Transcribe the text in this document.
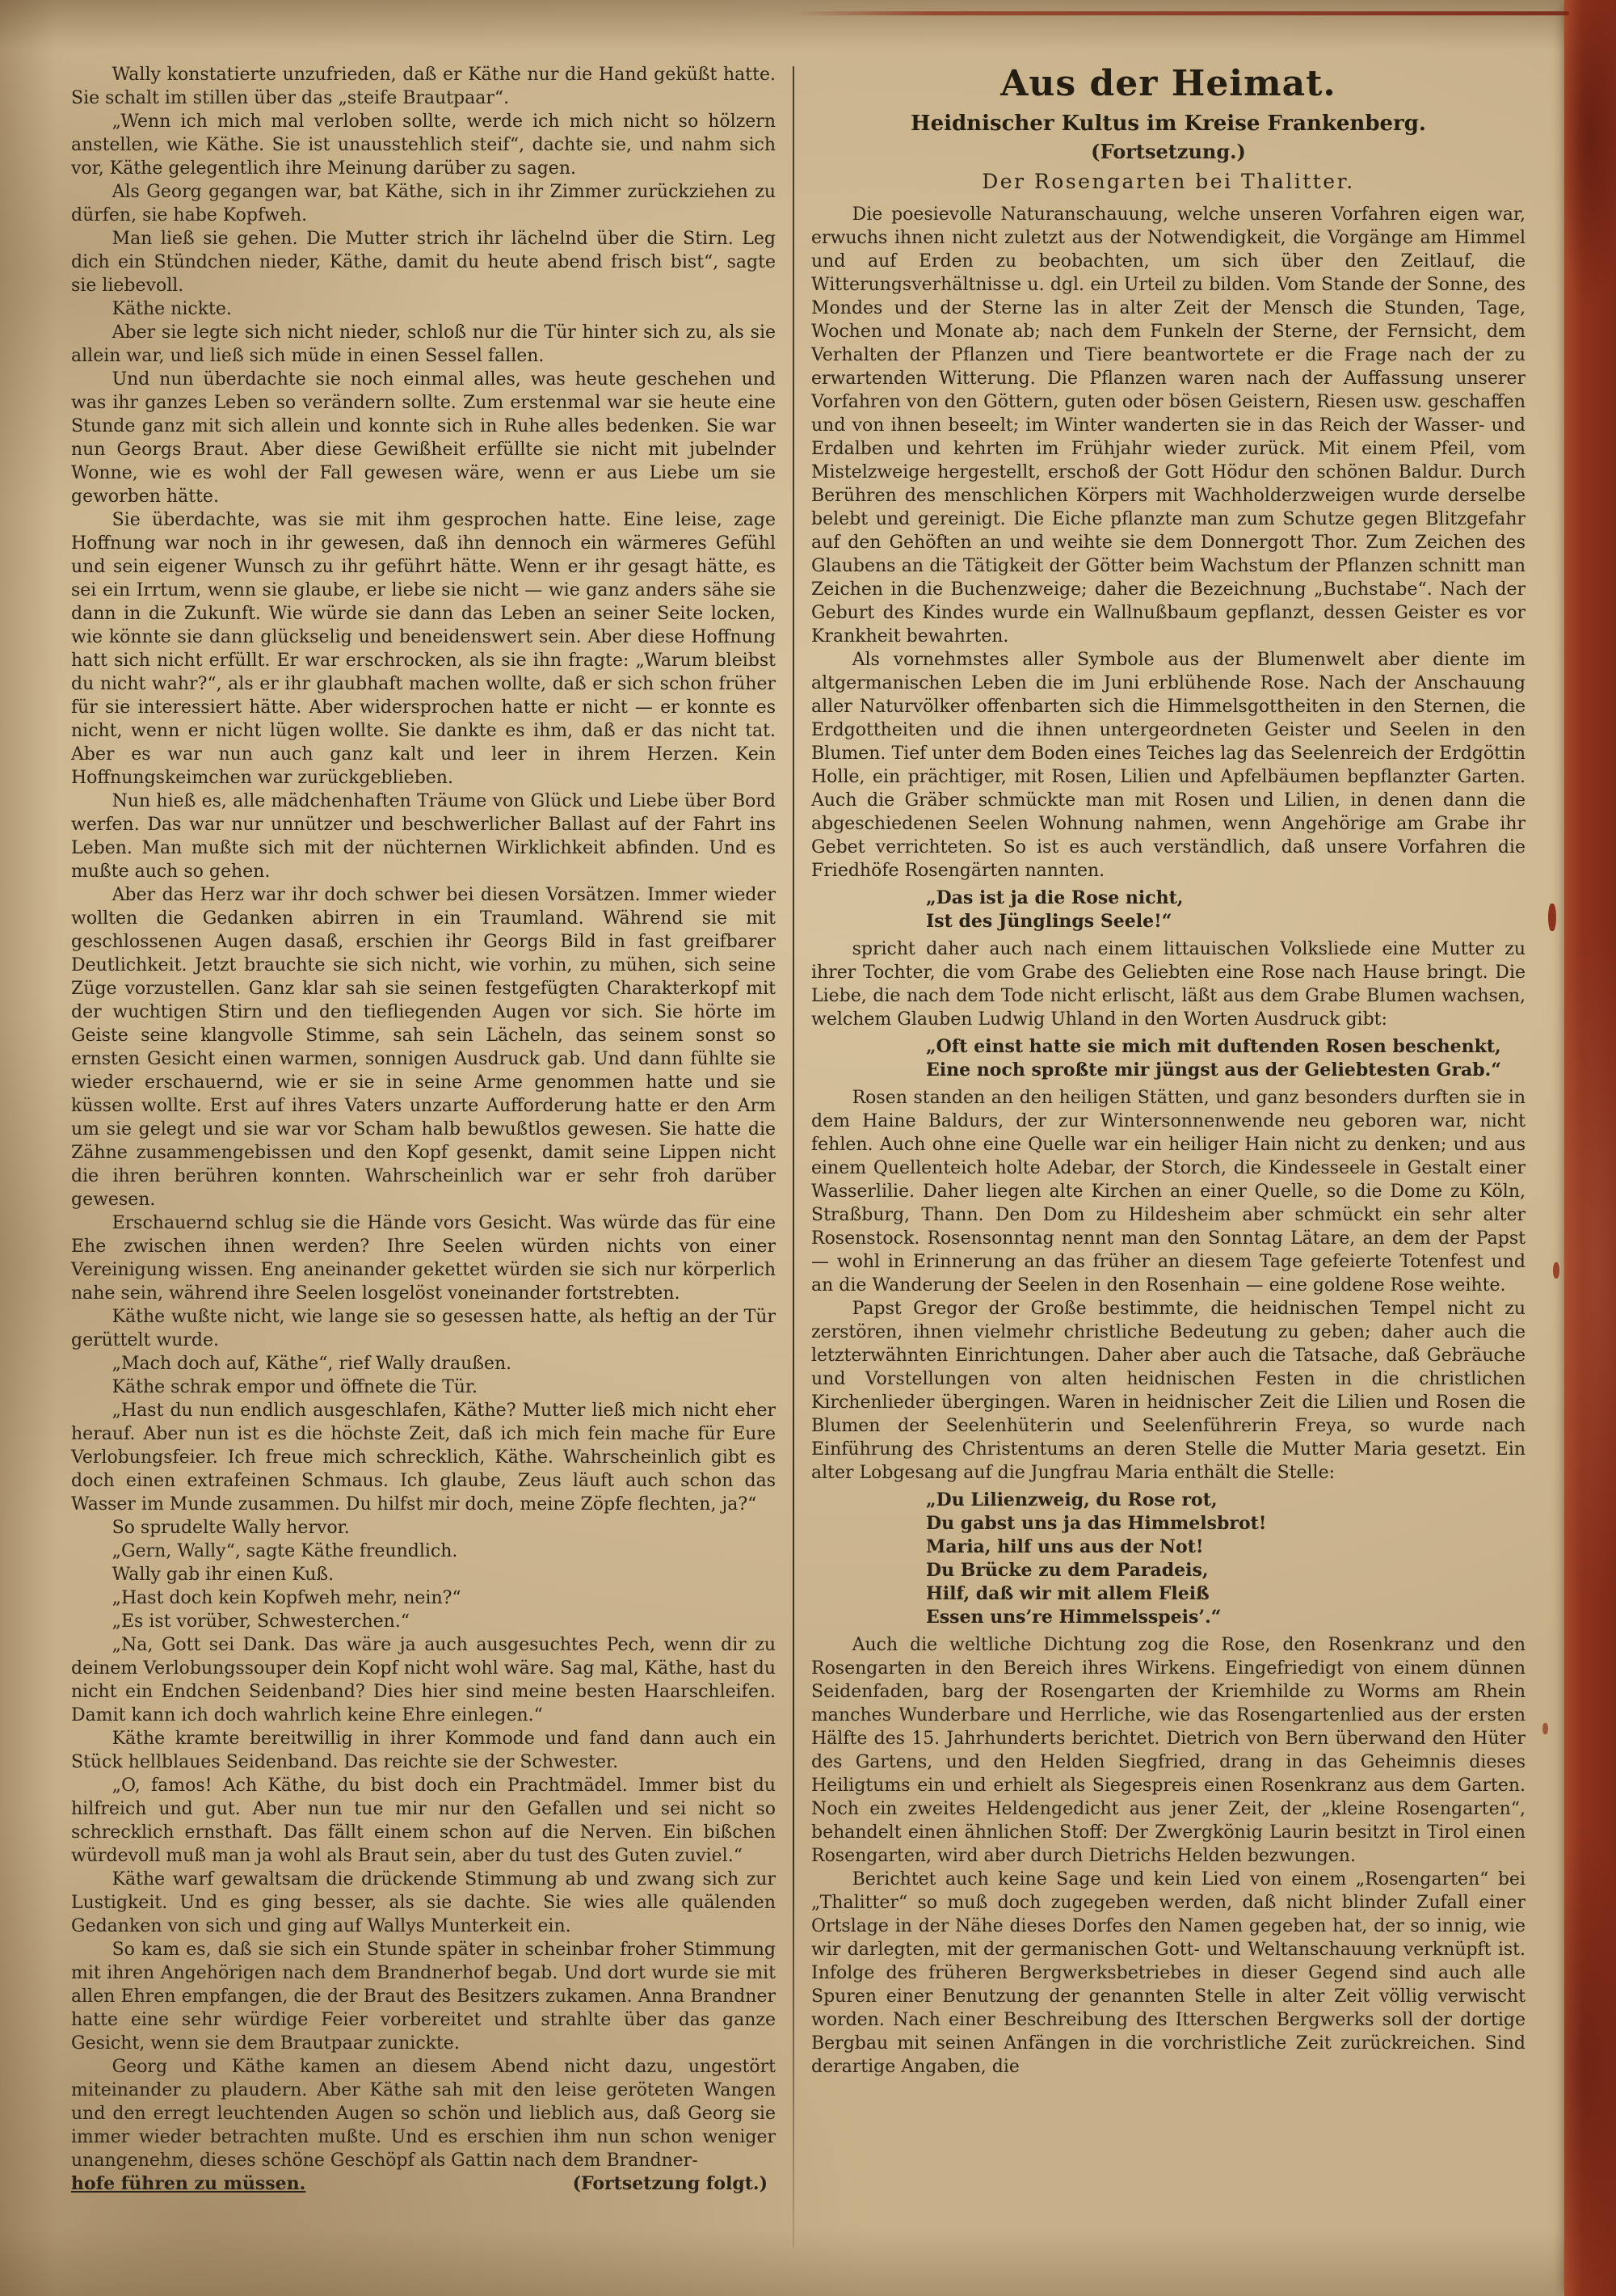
Wally konstatierte unzufrieden, daß er Käthe nur die Hand geküßt hatte. Sie schalt im stillen über das „steife Brautpaar“.
„Wenn ich mich mal verloben sollte, werde ich mich nicht so hölzern anstellen, wie Käthe. Sie ist unausstehlich steif“, dachte sie, und nahm sich vor, Käthe gelegentlich ihre Meinung darüber zu sagen.
Als Georg gegangen war, bat Käthe, sich in ihr Zimmer zurückziehen zu dürfen, sie habe Kopfweh.
Man ließ sie gehen. Die Mutter strich ihr lächelnd über die Stirn. Leg dich ein Stündchen nieder, Käthe, damit du heute abend frisch bist“, sagte sie liebevoll.
Käthe nickte.
Aber sie legte sich nicht nieder, schloß nur die Tür hinter sich zu, als sie allein war, und ließ sich müde in einen Sessel fallen.
Und nun überdachte sie noch einmal alles, was heute geschehen und was ihr ganzes Leben so verändern sollte. Zum erstenmal war sie heute eine Stunde ganz mit sich allein und konnte sich in Ruhe alles bedenken. Sie war nun Georgs Braut. Aber diese Gewißheit erfüllte sie nicht mit jubelnder Wonne, wie es wohl der Fall gewesen wäre, wenn er aus Liebe um sie geworben hätte.
Sie überdachte, was sie mit ihm gesprochen hatte. Eine leise, zage Hoffnung war noch in ihr gewesen, daß ihn dennoch ein wärmeres Gefühl und sein eigener Wunsch zu ihr geführt hätte. Wenn er ihr gesagt hätte, es sei ein Irrtum, wenn sie glaube, er liebe sie nicht — wie ganz anders sähe sie dann in die Zukunft. Wie würde sie dann das Leben an seiner Seite locken, wie könnte sie dann glückselig und beneidenswert sein. Aber diese Hoffnung hatt sich nicht erfüllt. Er war erschrocken, als sie ihn fragte: „Warum bleibst du nicht wahr?“, als er ihr glaubhaft machen wollte, daß er sich schon früher für sie interessiert hätte. Aber widersprochen hatte er nicht — er konnte es nicht, wenn er nicht lügen wollte. Sie dankte es ihm, daß er das nicht tat. Aber es war nun auch ganz kalt und leer in ihrem Herzen. Kein Hoffnungskeimchen war zurückgeblieben.
Nun hieß es, alle mädchenhaften Träume von Glück und Liebe über Bord werfen. Das war nur unnützer und beschwerlicher Ballast auf der Fahrt ins Leben. Man mußte sich mit der nüchternen Wirklichkeit abfinden. Und es mußte auch so gehen.
Aber das Herz war ihr doch schwer bei diesen Vorsätzen. Immer wieder wollten die Gedanken abirren in ein Traumland. Während sie mit geschlossenen Augen dasaß, erschien ihr Georgs Bild in fast greifbarer Deutlichkeit. Jetzt brauchte sie sich nicht, wie vorhin, zu mühen, sich seine Züge vorzustellen. Ganz klar sah sie seinen festgefügten Charakterkopf mit der wuchtigen Stirn und den tiefliegenden Augen vor sich. Sie hörte im Geiste seine klangvolle Stimme, sah sein Lächeln, das seinem sonst so ernsten Gesicht einen warmen, sonnigen Ausdruck gab. Und dann fühlte sie wieder erschauernd, wie er sie in seine Arme genommen hatte und sie küssen wollte. Erst auf ihres Vaters unzarte Aufforderung hatte er den Arm um sie gelegt und sie war vor Scham halb bewußtlos gewesen. Sie hatte die Zähne zusammengebissen und den Kopf gesenkt, damit seine Lippen nicht die ihren berühren konnten. Wahrscheinlich war er sehr froh darüber gewesen.
Erschauernd schlug sie die Hände vors Gesicht. Was würde das für eine Ehe zwischen ihnen werden? Ihre Seelen würden nichts von einer Vereinigung wissen. Eng aneinander gekettet würden sie sich nur körperlich nahe sein, während ihre Seelen losgelöst voneinander fortstrebten.
Käthe wußte nicht, wie lange sie so gesessen hatte, als heftig an der Tür gerüttelt wurde.
„Mach doch auf, Käthe“, rief Wally draußen.
Käthe schrak empor und öffnete die Tür.
„Hast du nun endlich ausgeschlafen, Käthe? Mutter ließ mich nicht eher herauf. Aber nun ist es die höchste Zeit, daß ich mich fein mache für Eure Verlobungsfeier. Ich freue mich schrecklich, Käthe. Wahrscheinlich gibt es doch einen extrafeinen Schmaus. Ich glaube, Zeus läuft auch schon das Wasser im Munde zusammen. Du hilfst mir doch, meine Zöpfe flechten, ja?“
So sprudelte Wally hervor.
„Gern, Wally“, sagte Käthe freundlich.
Wally gab ihr einen Kuß.
„Hast doch kein Kopfweh mehr, nein?“
„Es ist vorüber, Schwesterchen.“
„Na, Gott sei Dank. Das wäre ja auch ausgesuchtes Pech, wenn dir zu deinem Verlobungssouper dein Kopf nicht wohl wäre. Sag mal, Käthe, hast du nicht ein Endchen Seidenband? Dies hier sind meine besten Haarschleifen. Damit kann ich doch wahrlich keine Ehre einlegen.“
Käthe kramte bereitwillig in ihrer Kommode und fand dann auch ein Stück hellblaues Seidenband. Das reichte sie der Schwester.
„O, famos! Ach Käthe, du bist doch ein Prachtmädel. Immer bist du hilfreich und gut. Aber nun tue mir nur den Gefallen und sei nicht so schrecklich ernsthaft. Das fällt einem schon auf die Nerven. Ein bißchen würdevoll muß man ja wohl als Braut sein, aber du tust des Guten zuviel.“
Käthe warf gewaltsam die drückende Stimmung ab und zwang sich zur Lustigkeit. Und es ging besser, als sie dachte. Sie wies alle quälenden Gedanken von sich und ging auf Wallys Munterkeit ein.
So kam es, daß sie sich ein Stunde später in scheinbar froher Stimmung mit ihren Angehörigen nach dem Brandnerhof begab. Und dort wurde sie mit allen Ehren empfangen, die der Braut des Besitzers zukamen. Anna Brandner hatte eine sehr würdige Feier vorbereitet und strahlte über das ganze Gesicht, wenn sie dem Brautpaar zunickte.
Georg und Käthe kamen an diesem Abend nicht dazu, ungestört miteinander zu plaudern. Aber Käthe sah mit den leise geröteten Wangen und den erregt leuchtenden Augen so schön und lieblich aus, daß Georg sie immer wieder betrachten mußte. Und es erschien ihm nun schon weniger unangenehm, dieses schöne Geschöpf als Gattin nach dem Brandner-
hofe führen zu müssen.	(Fortsetzung folgt.)
Aus der Heimat.
Heidnischer Kultus im Kreise Frankenberg.
(Fortsetzung.)
Der Rosengarten bei Thalitter.
Die poesievolle Naturanschauung, welche unseren Vorfahren eigen war, erwuchs ihnen nicht zuletzt aus der Notwendigkeit, die Vorgänge am Himmel und auf Erden zu beobachten, um sich über den Zeitlauf, die Witterungsverhältnisse u. dgl. ein Urteil zu bilden. Vom Stande der Sonne, des Mondes und der Sterne las in alter Zeit der Mensch die Stunden, Tage, Wochen und Monate ab; nach dem Funkeln der Sterne, der Fernsicht, dem Verhalten der Pflanzen und Tiere beantwortete er die Frage nach der zu erwartenden Witterung. Die Pflanzen waren nach der Auffassung unserer Vorfahren von den Göttern, guten oder bösen Geistern, Riesen usw. geschaffen und von ihnen beseelt; im Winter wanderten sie in das Reich der Wasser- und Erdalben und kehrten im Frühjahr wieder zurück. Mit einem Pfeil, vom Mistelzweige hergestellt, erschoß der Gott Hödur den schönen Baldur. Durch Berühren des menschlichen Körpers mit Wachholderzweigen wurde derselbe belebt und gereinigt. Die Eiche pflanzte man zum Schutze gegen Blitzgefahr auf den Gehöften an und weihte sie dem Donnergott Thor. Zum Zeichen des Glaubens an die Tätigkeit der Götter beim Wachstum der Pflanzen schnitt man Zeichen in die Buchenzweige; daher die Bezeichnung „Buchstabe“. Nach der Geburt des Kindes wurde ein Wallnußbaum gepflanzt, dessen Geister es vor Krankheit bewahrten.
Als vornehmstes aller Symbole aus der Blumenwelt aber diente im altgermanischen Leben die im Juni erblühende Rose. Nach der Anschauung aller Naturvölker offenbarten sich die Himmelsgottheiten in den Sternen, die Erdgottheiten und die ihnen untergeordneten Geister und Seelen in den Blumen. Tief unter dem Boden eines Teiches lag das Seelenreich der Erdgöttin Holle, ein prächtiger, mit Rosen, Lilien und Apfelbäumen bepflanzter Garten. Auch die Gräber schmückte man mit Rosen und Lilien, in denen dann die abgeschiedenen Seelen Wohnung nahmen, wenn Angehörige am Grabe ihr Gebet verrichteten. So ist es auch verständlich, daß unsere Vorfahren die Friedhöfe Rosengärten nannten.
„Das ist ja die Rose nicht,
Ist des Jünglings Seele!“
spricht daher auch nach einem littauischen Volksliede eine Mutter zu ihrer Tochter, die vom Grabe des Geliebten eine Rose nach Hause bringt. Die Liebe, die nach dem Tode nicht erlischt, läßt aus dem Grabe Blumen wachsen, welchem Glauben Ludwig Uhland in den Worten Ausdruck gibt:
„Oft einst hatte sie mich mit duftenden Rosen beschenkt,
Eine noch sproßte mir jüngst aus der Geliebtesten Grab.“
Rosen standen an den heiligen Stätten, und ganz besonders durften sie in dem Haine Baldurs, der zur Wintersonnenwende neu geboren war, nicht fehlen. Auch ohne eine Quelle war ein heiliger Hain nicht zu denken; und aus einem Quellenteich holte Adebar, der Storch, die Kindesseele in Gestalt einer Wasserlilie. Daher liegen alte Kirchen an einer Quelle, so die Dome zu Köln, Straßburg, Thann. Den Dom zu Hildesheim aber schmückt ein sehr alter Rosenstock. Rosensonntag nennt man den Sonntag Lätare, an dem der Papst — wohl in Erinnerung an das früher an diesem Tage gefeierte Totenfest und an die Wanderung der Seelen in den Rosenhain — eine goldene Rose weihte.
Papst Gregor der Große bestimmte, die heidnischen Tempel nicht zu zerstören, ihnen vielmehr christliche Bedeutung zu geben; daher auch die letzterwähnten Einrichtungen. Daher aber auch die Tatsache, daß Gebräuche und Vorstellungen von alten heidnischen Festen in die christlichen Kirchenlieder übergingen. Waren in heidnischer Zeit die Lilien und Rosen die Blumen der Seelenhüterin und Seelenführerin Freya, so wurde nach Einführung des Christentums an deren Stelle die Mutter Maria gesetzt. Ein alter Lobgesang auf die Jungfrau Maria enthält die Stelle:
„Du Lilienzweig, du Rose rot,
Du gabst uns ja das Himmelsbrot!
Maria, hilf uns aus der Not!
Du Brücke zu dem Paradeis,
Hilf, daß wir mit allem Fleiß
Essen uns’re Himmelsspeis’.“
Auch die weltliche Dichtung zog die Rose, den Rosenkranz und den Rosengarten in den Bereich ihres Wirkens. Eingefriedigt von einem dünnen Seidenfaden, barg der Rosengarten der Kriemhilde zu Worms am Rhein manches Wunderbare und Herrliche, wie das Rosengartenlied aus der ersten Hälfte des 15. Jahrhunderts berichtet. Dietrich von Bern überwand den Hüter des Gartens, und den Helden Siegfried, drang in das Geheimnis dieses Heiligtums ein und erhielt als Siegespreis einen Rosenkranz aus dem Garten. Noch ein zweites Heldengedicht aus jener Zeit, der „kleine Rosengarten“, behandelt einen ähnlichen Stoff: Der Zwergkönig Laurin besitzt in Tirol einen Rosengarten, wird aber durch Dietrichs Helden bezwungen.
Berichtet auch keine Sage und kein Lied von einem „Rosengarten“ bei „Thalitter“ so muß doch zugegeben werden, daß nicht blinder Zufall einer Ortslage in der Nähe dieses Dorfes den Namen gegeben hat, der so innig, wie wir darlegten, mit der germanischen Gott- und Weltanschauung verknüpft ist. Infolge des früheren Bergwerksbetriebes in dieser Gegend sind auch alle Spuren einer Benutzung der genannten Stelle in alter Zeit völlig verwischt worden. Nach einer Beschreibung des Itterschen Bergwerks soll der dortige Bergbau mit seinen Anfängen in die vorchristliche Zeit zurückreichen. Sind derartige Angaben, die
